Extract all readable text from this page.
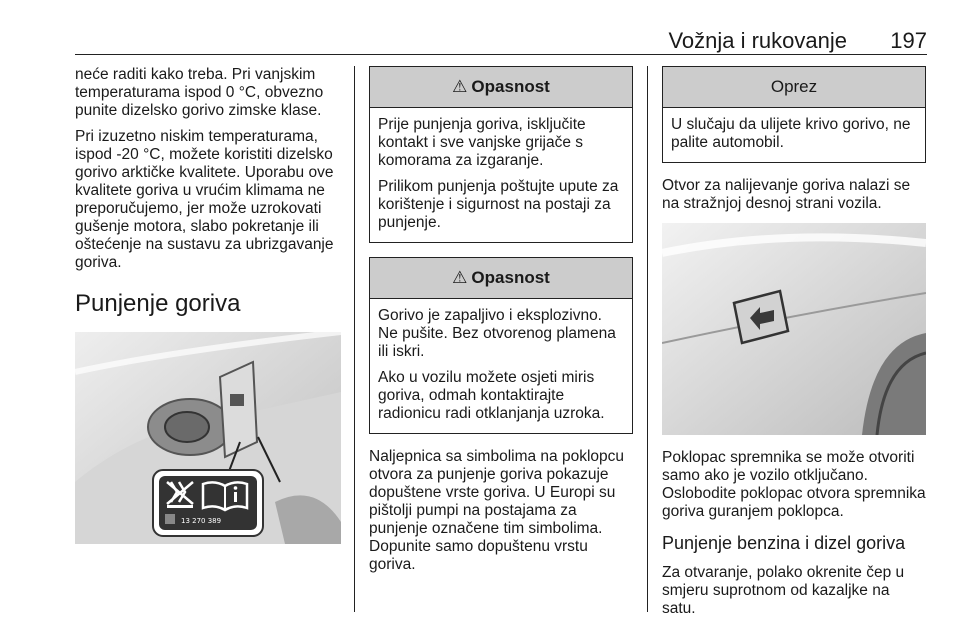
Vožnja i rukovanje 197

neće raditi kako treba. Pri vanjskim temperaturama ispod 0 °C, obvezno punite dizelsko gorivo zimske klase.

Pri izuzetno niskim temperaturama, ispod -20 °C, možete koristiti dizelsko gorivo arktičke kvalitete. Uporabu ove kvalitete goriva u vrućim klimama ne preporučujemo, jer može uzrokovati gušenje motora, slabo pokretanje ili oštećenje na sustavu za ubrizgavanje goriva.

Punjenje goriva
13 270 389
⚠ Opasnost

Prije punjenja goriva, isključite kontakt i sve vanjske grijače s komorama za izgaranje.

Prilikom punjenja poštujte upute za korištenje i sigurnost na postaji za punjenje.

⚠ Opasnost

Gorivo je zapaljivo i eksplozivno. Ne pušite. Bez otvorenog plamena ili iskri.

Ako u vozilu možete osjeti miris goriva, odmah kontaktirajte radionicu radi otklanjanja uzroka.

Naljepnica sa simbolima na poklopcu otvora za punjenje goriva pokazuje dopuštene vrste goriva. U Europi su pištolji pumpi na postajama za punjenje označene tim simbolima. Dopunite samo dopuštenu vrstu goriva.

Oprez

U slučaju da ulijete krivo gorivo, ne palite automobil.

Otvor za nalijevanje goriva nalazi se na stražnjoj desnoj strani vozila.

Poklopac spremnika se može otvoriti samo ako je vozilo otključano. Oslobodite poklopac otvora spremnika goriva guranjem poklopca.

Punjenje benzina i dizel goriva

Za otvaranje, polako okrenite čep u smjeru suprotnom od kazaljke na satu.
